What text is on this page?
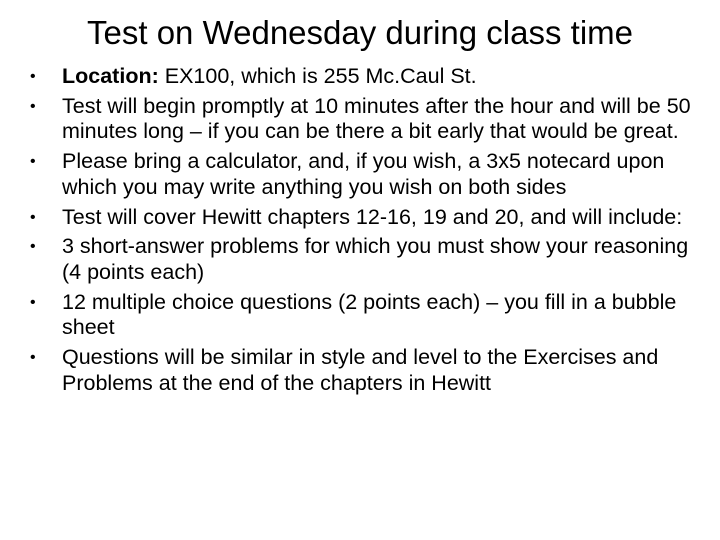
Test on Wednesday during class time
•	Location: EX100, which is 255 Mc.Caul St.
•	Test will begin promptly at 10 minutes after the hour and will be 50 minutes long – if you can be there a bit early that would be great.
•	Please bring a calculator, and, if you wish, a 3x5 notecard upon which you may write anything you wish on both sides
•	Test will cover Hewitt chapters 12-16, 19 and 20, and will include:
•	3 short-answer problems for which you must show your reasoning (4 points each)
•	12 multiple choice questions (2 points each) – you fill in a bubble sheet
•	Questions will be similar in style and level to the Exercises and Problems at the end of the chapters in Hewitt
